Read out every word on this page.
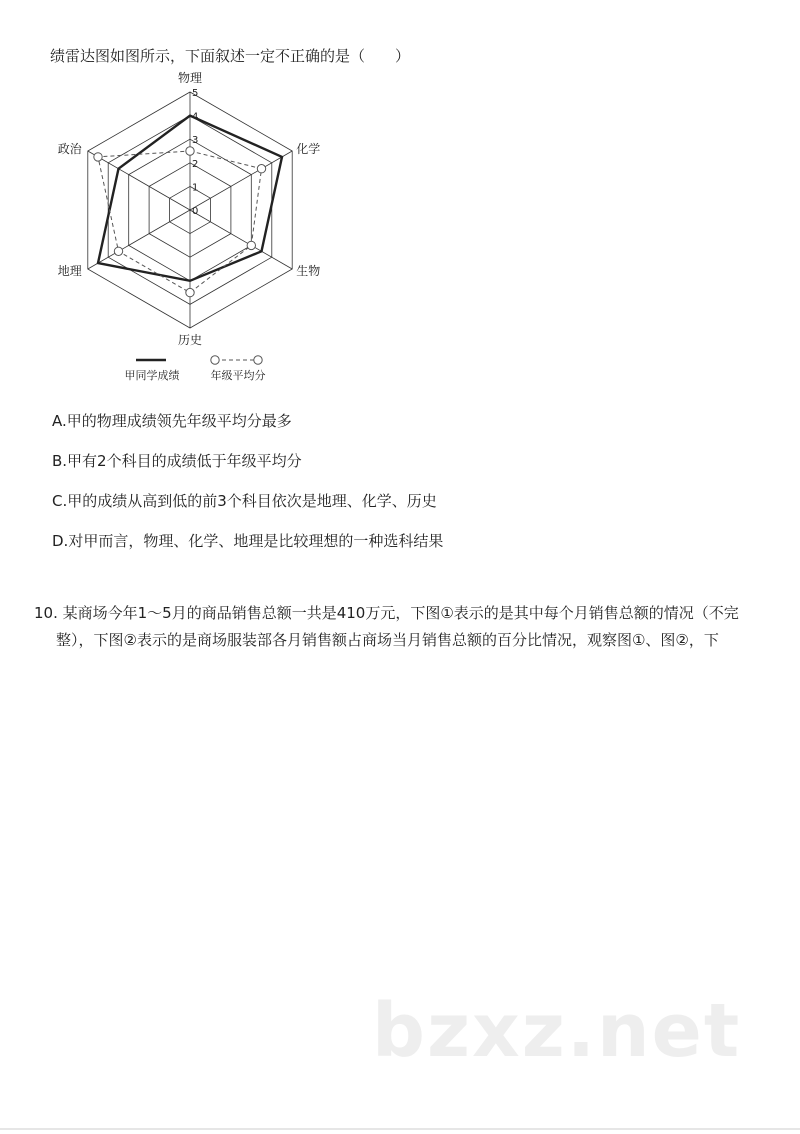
绩雷达图如图所示，下面叙述一定不正确的是（　　）
物理
化学
生物
历史
地理
政治
0
1
2
3
4
5
甲同学成绩	年级平均分
A.甲的物理成绩领先年级平均分最多
B.甲有2个科目的成绩低于年级平均分
C.甲的成绩从高到低的前3个科目依次是地理、化学、历史
D.对甲而言，物理、化学、地理是比较理想的一种选科结果
10. 某商场今年1～5月的商品销售总额一共是410万元，下图①表示的是其中每个月销售总额的情况（不完
整），下图②表示的是商场服装部各月销售额占商场当月销售总额的百分比情况，观察图①、图②，下
bzxz.net
